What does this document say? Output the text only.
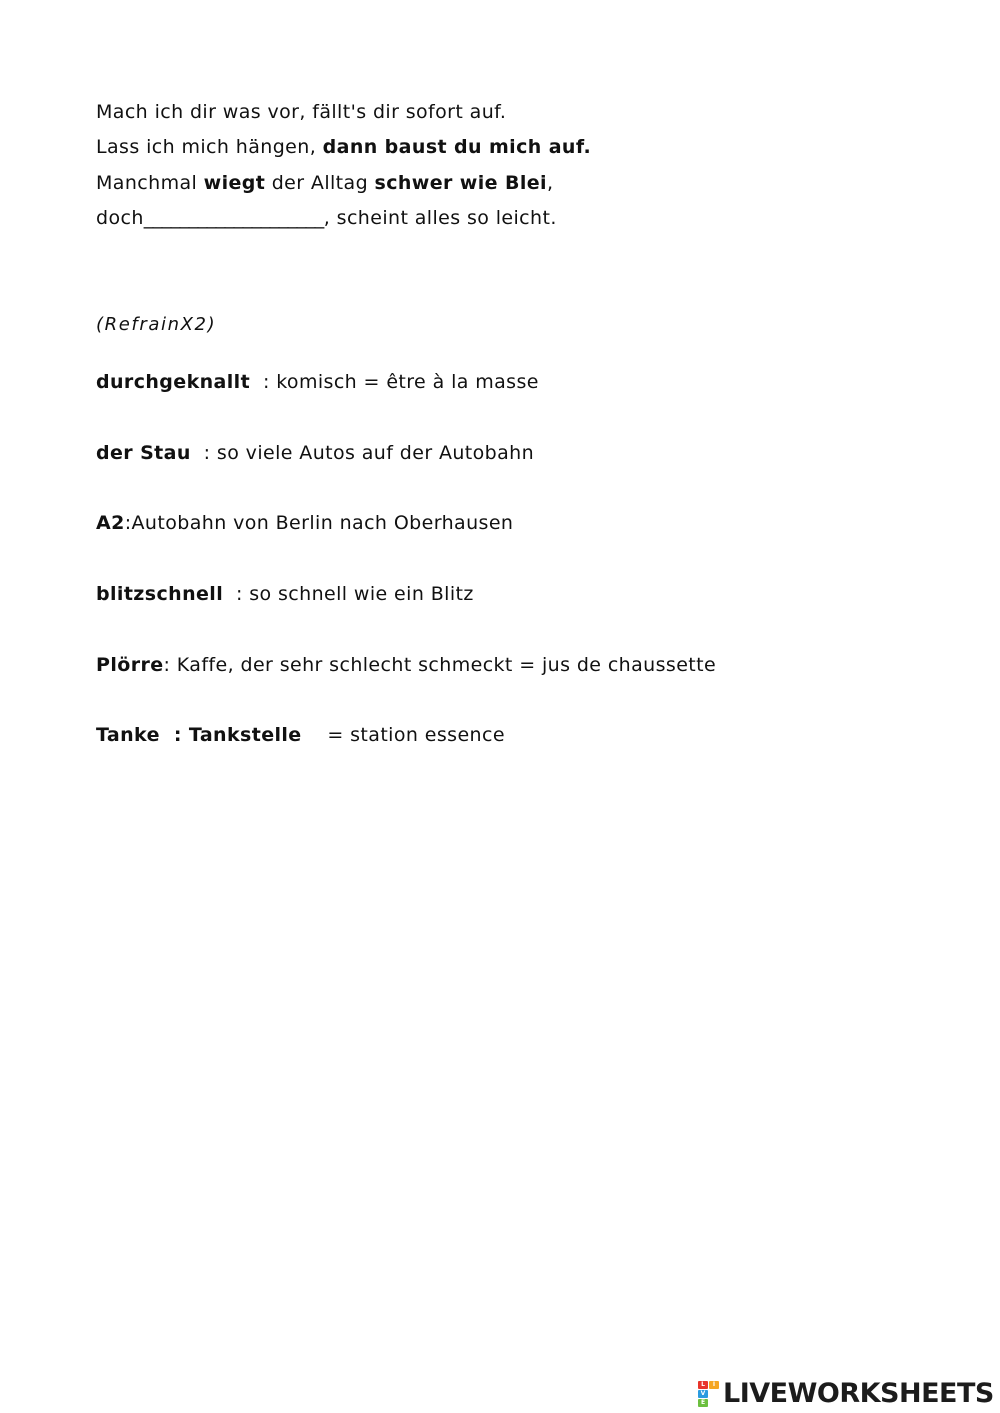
Mach ich dir was vor, fällt's dir sofort auf.
Lass ich mich hängen, dann baust du mich auf.
Manchmal wiegt der Alltag schwer wie Blei,
doch____________________, scheint alles so leicht.
(RefrainX2)
durchgeknallt  : komisch = être à la masse
der Stau  : so viele Autos auf der Autobahn
A2:Autobahn von Berlin nach Oberhausen
blitzschnell  : so schnell wie ein Blitz
Plörre: Kaffe, der sehr schlecht schmeckt = jus de chaussette
Tanke  : Tankstelle    = station essence
L	I
V
E LIVEWORKSHEETS
